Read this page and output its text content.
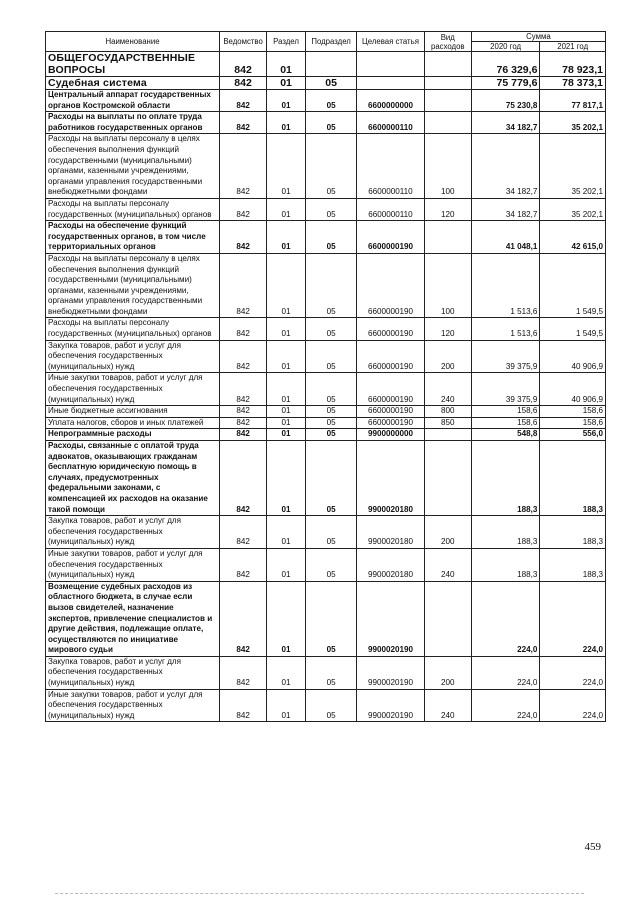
Наименование	Ведомство	Раздел	Подраздел	Целевая статья	Вид расходов	Сумма	
						2020 год	2021 год
ОБЩЕГОСУДАРСТВЕННЫЕ ВОПРОСЫ	842	01				76 329,6	78 923,1
Судебная система	842	01	05			75 779,6	78 373,1
Центральный аппарат государственных органов Костромской области	842	01	05	6600000000		75 230,8	77 817,1
Расходы на выплаты по оплате труда работников государственных органов	842	01	05	6600000110		34 182,7	35 202,1
Расходы на выплаты персоналу в целях обеспечения выполнения функций государственными (муниципальными) органами, казенными учреждениями, органами управления государственными внебюджетными фондами	842	01	05	6600000110	100	34 182,7	35 202,1
Расходы на выплаты персоналу государственных (муниципальных) органов	842	01	05	6600000110	120	34 182,7	35 202,1
Расходы на обеспечение функций государственных органов, в том числе территориальных органов	842	01	05	6600000190		41 048,1	42 615,0
Расходы на выплаты персоналу в целях обеспечения выполнения функций государственными (муниципальными) органами, казенными учреждениями, органами управления государственными внебюджетными фондами	842	01	05	6600000190	100	1 513,6	1 549,5
Расходы на выплаты персоналу государственных (муниципальных) органов	842	01	05	6600000190	120	1 513,6	1 549,5
Закупка товаров, работ и услуг для обеспечения государственных (муниципальных) нужд	842	01	05	6600000190	200	39 375,9	40 906,9
Иные закупки товаров, работ и услуг для обеспечения государственных (муниципальных) нужд	842	01	05	6600000190	240	39 375,9	40 906,9
Иные бюджетные ассигнования	842	01	05	6600000190	800	158,6	158,6
Уплата налогов, сборов и иных платежей	842	01	05	6600000190	850	158,6	158,6
Непрограммные расходы	842	01	05	9900000000		548,8	556,0
Расходы, связанные с оплатой труда адвокатов, оказывающих гражданам бесплатную юридическую помощь в случаях, предусмотренных федеральными законами, с компенсацией их расходов на оказание такой помощи	842	01	05	9900020180		188,3	188,3
Закупка товаров, работ и услуг для обеспечения государственных (муниципальных) нужд	842	01	05	9900020180	200	188,3	188,3
Иные закупки товаров, работ и услуг для обеспечения государственных (муниципальных) нужд	842	01	05	9900020180	240	188,3	188,3
Возмещение судебных расходов из областного бюджета, в случае если вызов свидетелей, назначение экспертов, привлечение специалистов и другие действия, подлежащие оплате, осуществляются по инициативе мирового судьи	842	01	05	9900020190		224,0	224,0
Закупка товаров, работ и услуг для обеспечения государственных (муниципальных) нужд	842	01	05	9900020190	200	224,0	224,0
Иные закупки товаров, работ и услуг для обеспечения государственных (муниципальных) нужд	842	01	05	9900020190	240	224,0	224,0
459
